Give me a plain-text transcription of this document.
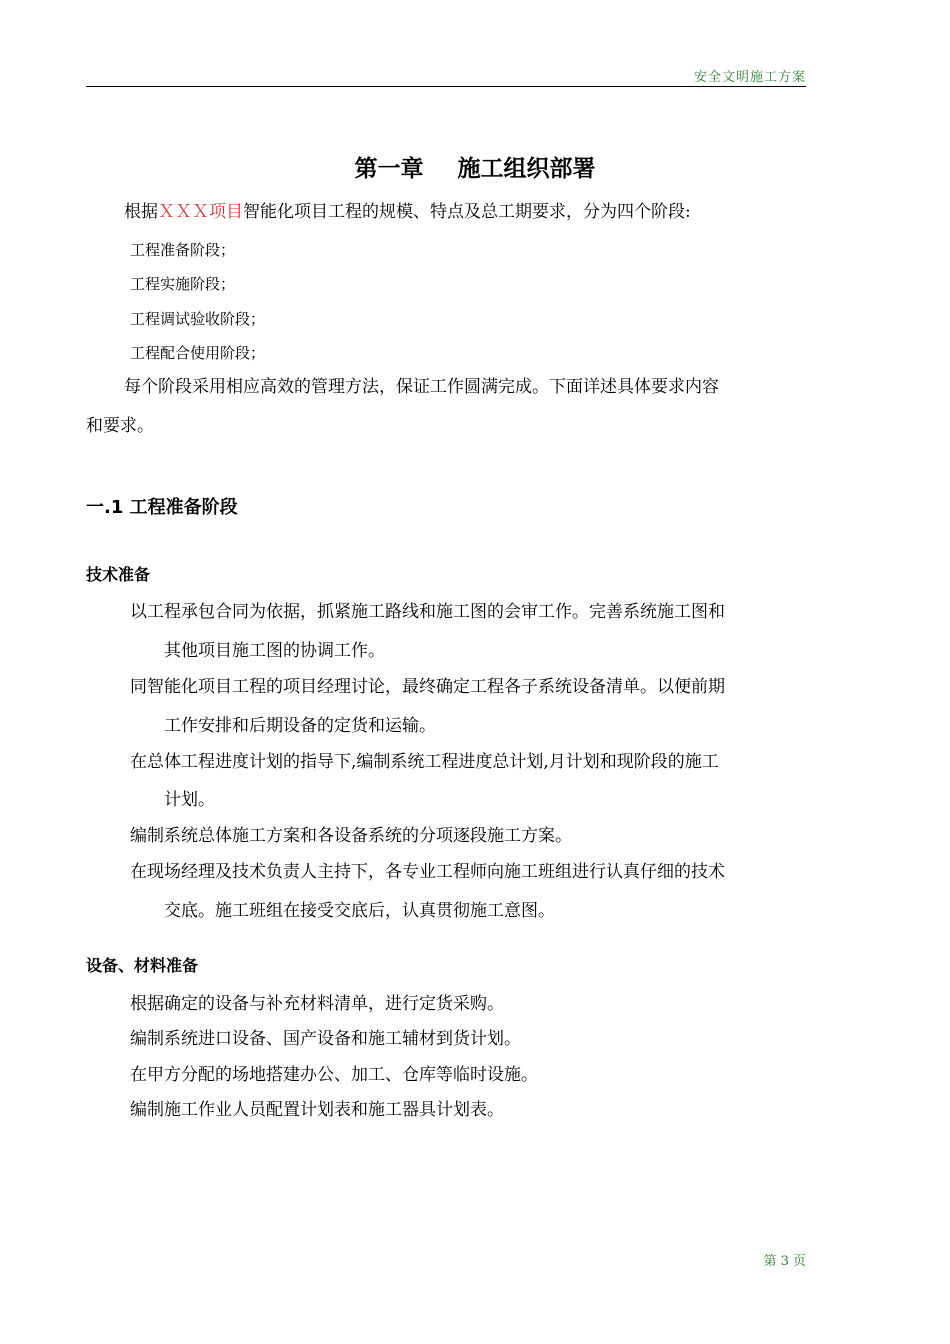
安全文明施工方案
第一章 施工组织部署
根据ＸＸＸ项目智能化项目工程的规模、特点及总工期要求，分为四个阶段:
工程准备阶段；
工程实施阶段；
工程调试验收阶段；
工程配合使用阶段；
每个阶段采用相应高效的管理方法，保证工作圆满完成。下面详述具体要求内容
和要求。
一.1 工程准备阶段
技术准备
以工程承包合同为依据，抓紧施工路线和施工图的会审工作。完善系统施工图和
其他项目施工图的协调工作。
同智能化项目工程的项目经理讨论，最终确定工程各子系统设备清单。以便前期
工作安排和后期设备的定货和运输。
在总体工程进度计划的指导下,编制系统工程进度总计划,月计划和现阶段的施工
计划。
编制系统总体施工方案和各设备系统的分项逐段施工方案。
在现场经理及技术负责人主持下，各专业工程师向施工班组进行认真仔细的技术
交底。施工班组在接受交底后，认真贯彻施工意图。
设备、材料准备
根据确定的设备与补充材料清单，进行定货采购。
编制系统进口设备、国产设备和施工辅材到货计划。
在甲方分配的场地搭建办公、加工、仓库等临时设施。
编制施工作业人员配置计划表和施工器具计划表。
第 3 页
